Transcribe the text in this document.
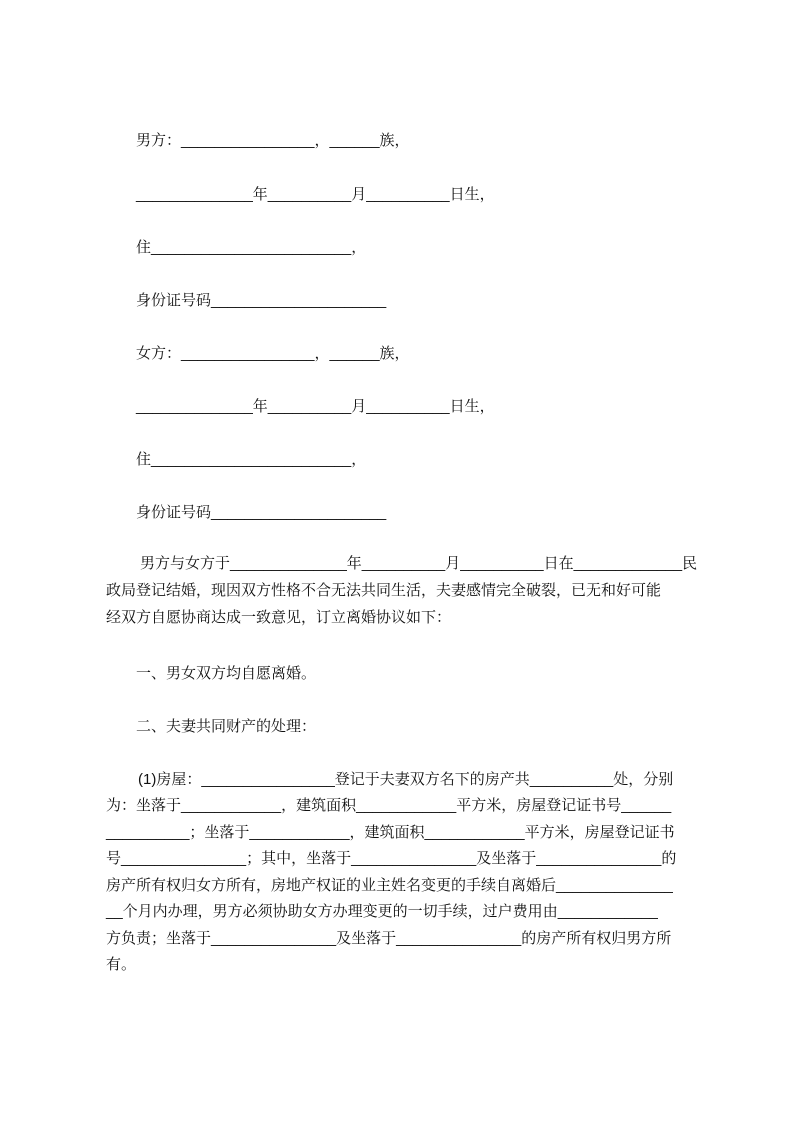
男方：________________，______族，
______________年__________月__________日生，
住________________________，
身份证号码_____________________
女方：________________，______族，
______________年__________月__________日生，
住________________________，
身份证号码_____________________
男方与女方于______________年__________月__________日在_____________民
政局登记结婚，现因双方性格不合无法共同生活，夫妻感情完全破裂，已无和好可能
经双方自愿协商达成一致意见，订立离婚协议如下：
一、男女双方均自愿离婚。
二、夫妻共同财产的处理：
(1)房屋：________________登记于夫妻双方名下的房产共__________处，分别
为：坐落于____________，建筑面积____________平方米，房屋登记证书号______
__________；坐落于____________，建筑面积____________平方米，房屋登记证书
号_______________；其中，坐落于_______________及坐落于_______________的
房产所有权归女方所有，房地产权证的业主姓名变更的手续自离婚后______________
__个月内办理，男方必须协助女方办理变更的一切手续，过户费用由____________
方负责；坐落于_______________及坐落于_______________的房产所有权归男方所
有。
